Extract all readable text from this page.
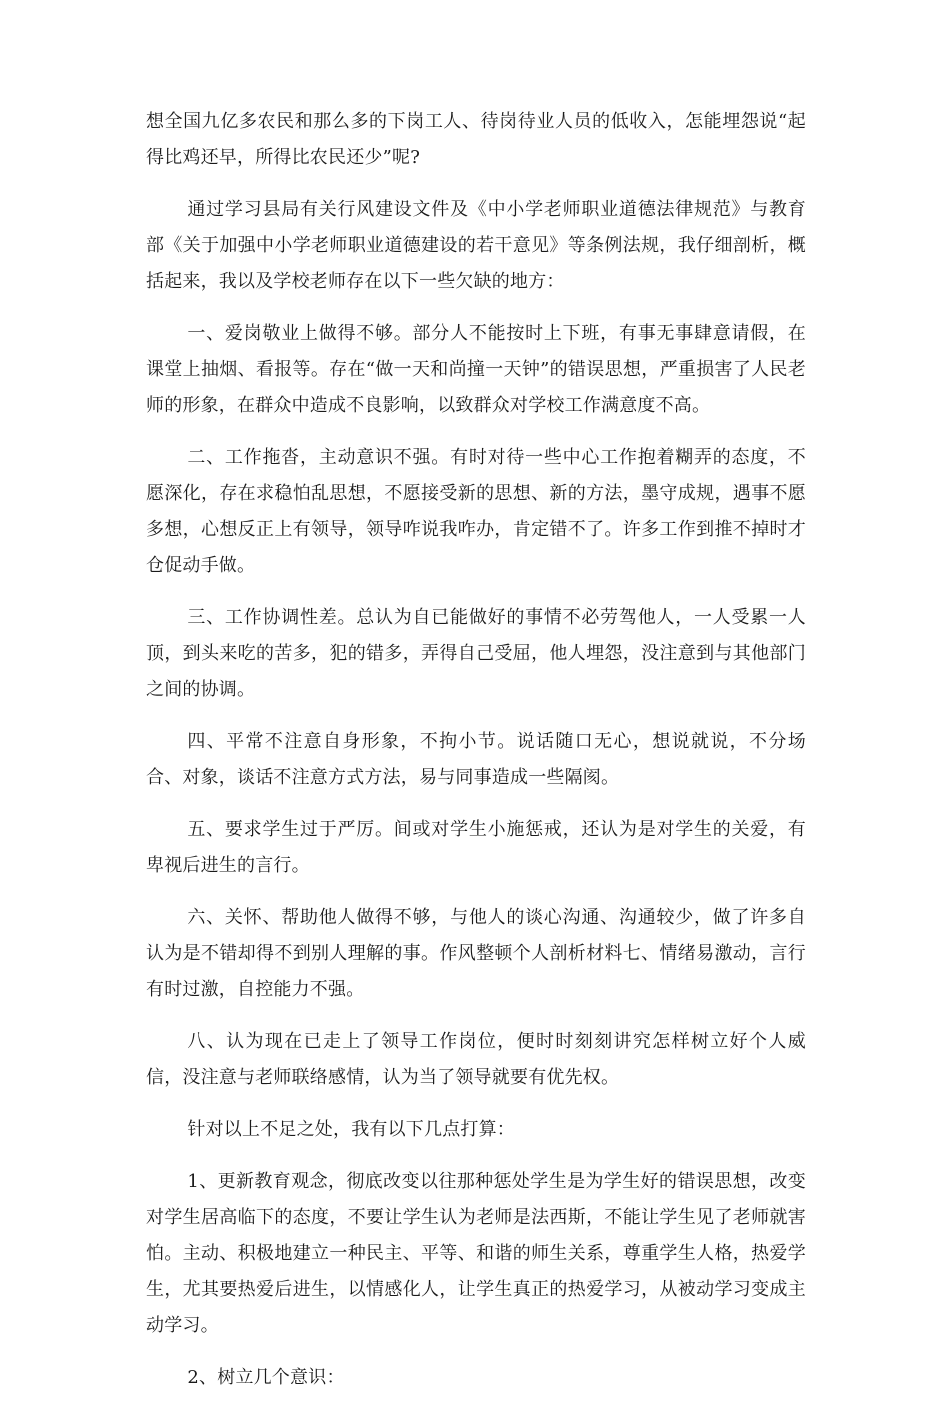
想全国九亿多农民和那么多的下岗工人、待岗待业人员的低收入，怎能埋怨说“起得比鸡还早，所得比农民还少”呢?

通过学习县局有关行风建设文件及《中小学老师职业道德法律规范》与教育部《关于加强中小学老师职业道德建设的若干意见》等条例法规，我仔细剖析，概括起来，我以及学校老师存在以下一些欠缺的地方：

一、爱岗敬业上做得不够。部分人不能按时上下班，有事无事肆意请假，在课堂上抽烟、看报等。存在“做一天和尚撞一天钟”的错误思想，严重损害了人民老师的形象，在群众中造成不良影响，以致群众对学校工作满意度不高。

二、工作拖沓，主动意识不强。有时对待一些中心工作抱着糊弄的态度，不愿深化，存在求稳怕乱思想，不愿接受新的思想、新的方法，墨守成规，遇事不愿多想，心想反正上有领导，领导咋说我咋办，肯定错不了。许多工作到推不掉时才仓促动手做。

三、工作协调性差。总认为自已能做好的事情不必劳驾他人，一人受累一人顶，到头来吃的苦多，犯的错多，弄得自己受屈，他人埋怨，没注意到与其他部门之间的协调。

四、平常不注意自身形象，不拘小节。说话随口无心，想说就说，不分场合、对象，谈话不注意方式方法，易与同事造成一些隔阂。

五、要求学生过于严厉。间或对学生小施惩戒，还认为是对学生的关爱，有卑视后进生的言行。

六、关怀、帮助他人做得不够，与他人的谈心沟通、沟通较少，做了许多自认为是不错却得不到别人理解的事。作风整顿个人剖析材料七、情绪易激动，言行有时过激，自控能力不强。

八、认为现在已走上了领导工作岗位，便时时刻刻讲究怎样树立好个人威信，没注意与老师联络感情，认为当了领导就要有优先权。

针对以上不足之处，我有以下几点打算：

1、更新教育观念，彻底改变以往那种惩处学生是为学生好的错误思想，改变对学生居高临下的态度，不要让学生认为老师是法西斯，不能让学生见了老师就害怕。主动、积极地建立一种民主、平等、和谐的师生关系，尊重学生人格，热爱学生，尤其要热爱后进生，以情感化人，让学生真正的热爱学习，从被动学习变成主动学习。

2、树立几个意识：
